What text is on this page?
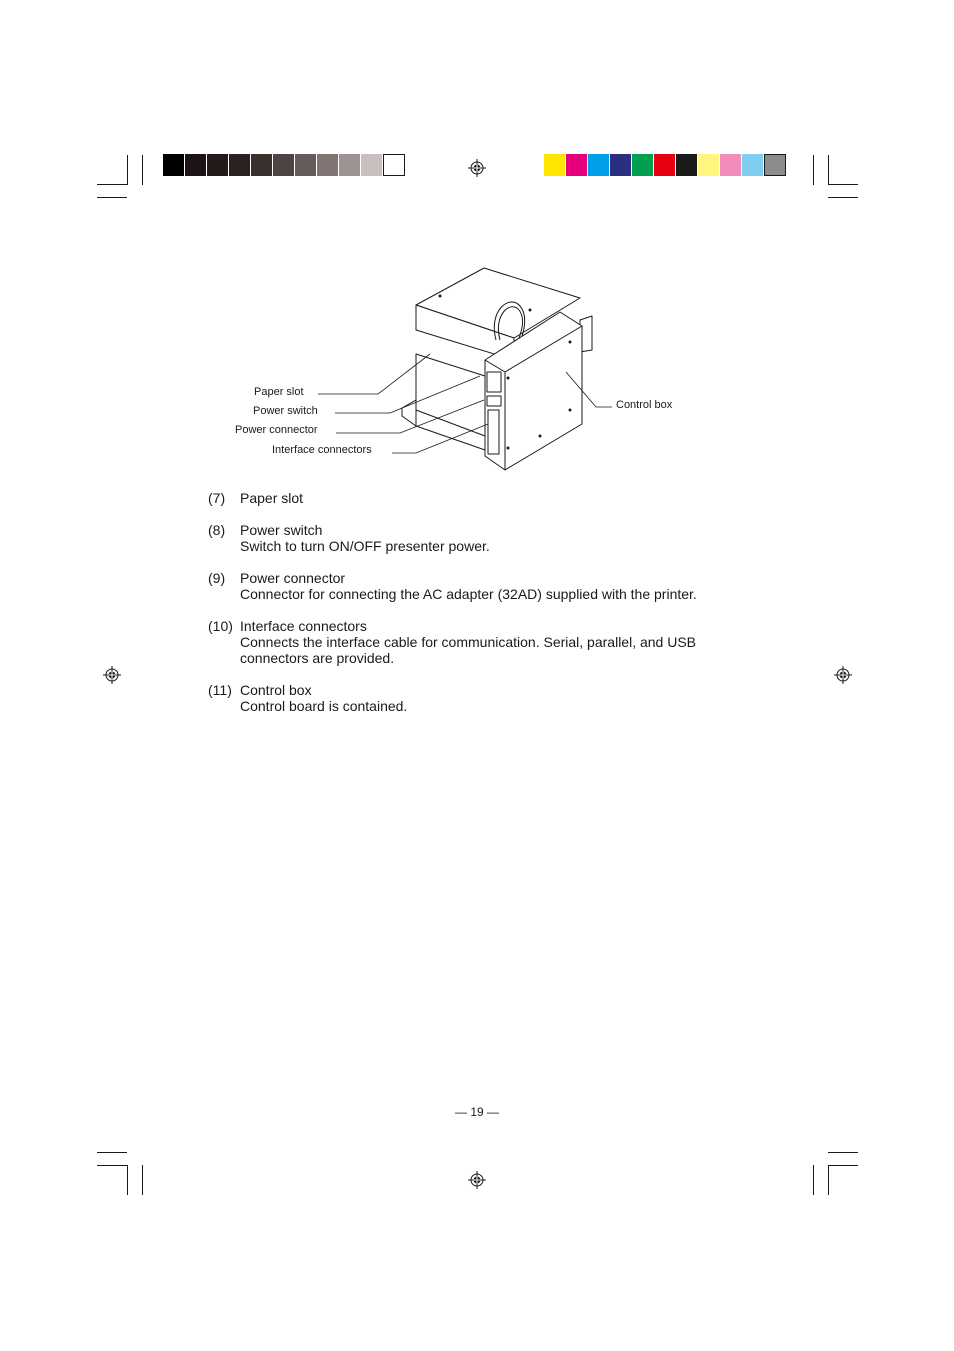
Paper slot
Power switch
Power connector
Interface connectors
Control box
(7)	Paper slot
(8)	Power switch
Switch to turn ON/OFF presenter power.
(9)	Power connector
Connector for connecting the AC adapter (32AD) supplied with the printer.
(10) Interface connectors
Connects the interface cable for communication. Serial, parallel, and USB connectors are provided.
(11) Control box
Control board is contained.
— 19 —
